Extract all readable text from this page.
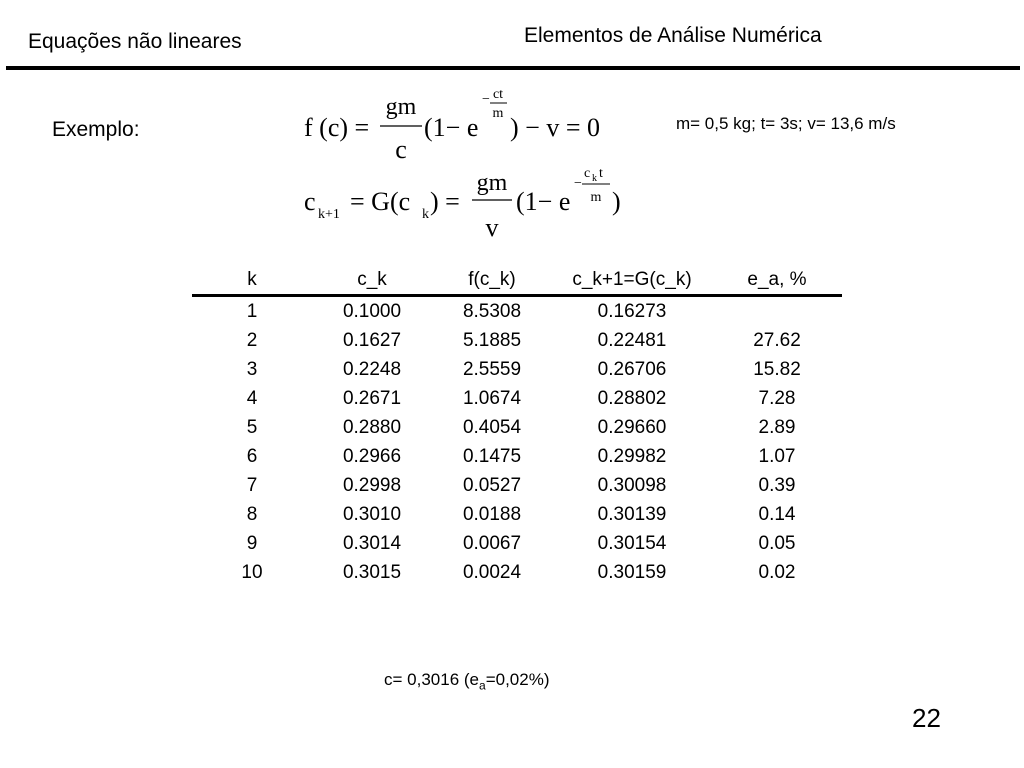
Equações não lineares	Elementos de Análise Numérica
Exemplo:	m= 0,5 kg; t= 3s; v= 13,6 m/s
f (c) =
gm
c
(1− e
− ct
m ) − v = 0
c k+1 = G(c k ) =
gm
v
(1− e
−
c k t
m )
k	c_k	f(c_k)	c_k+1=G(c_k)	e_a, %
1	0.1000	8.5308	0.16273	
2	0.1627	5.1885	0.22481	27.62
3	0.2248	2.5559	0.26706	15.82
4	0.2671	1.0674	0.28802	7.28
5	0.2880	0.4054	0.29660	2.89
6	0.2966	0.1475	0.29982	1.07
7	0.2998	0.0527	0.30098	0.39
8	0.3010	0.0188	0.30139	0.14
9	0.3014	0.0067	0.30154	0.05
10	0.3015	0.0024	0.30159	0.02
c= 0,3016 $(e_a=0,02\%)$
22
